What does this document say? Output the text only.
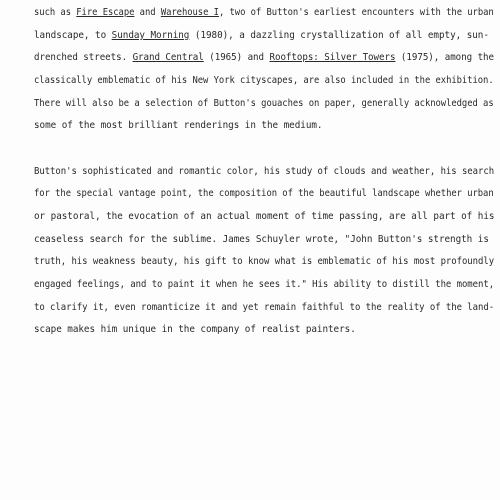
such as Fire Escape and Warehouse I, two of Button's earliest encounters with the urban

landscape, to Sunday Morning (1980), a dazzling crystallization of all empty, sun-

drenched streets. Grand Central (1965) and Rooftops: Silver Towers (1975), among the

classically emblematic of his New York cityscapes, are also included in the exhibition.

There will also be a selection of Button's gouaches on paper, generally acknowledged as

some of the most brilliant renderings in the medium.

Button's sophisticated and romantic color, his study of clouds and weather, his search

for the special vantage point, the composition of the beautiful landscape whether urban

or pastoral, the evocation of an actual moment of time passing, are all part of his

ceaseless search for the sublime. James Schuyler wrote, "John Button's strength is

truth, his weakness beauty, his gift to know what is emblematic of his most profoundly

engaged feelings, and to paint it when he sees it." His ability to distill the moment,

to clarify it, even romanticize it and yet remain faithful to the reality of the land-

scape makes him unique in the company of realist painters.
